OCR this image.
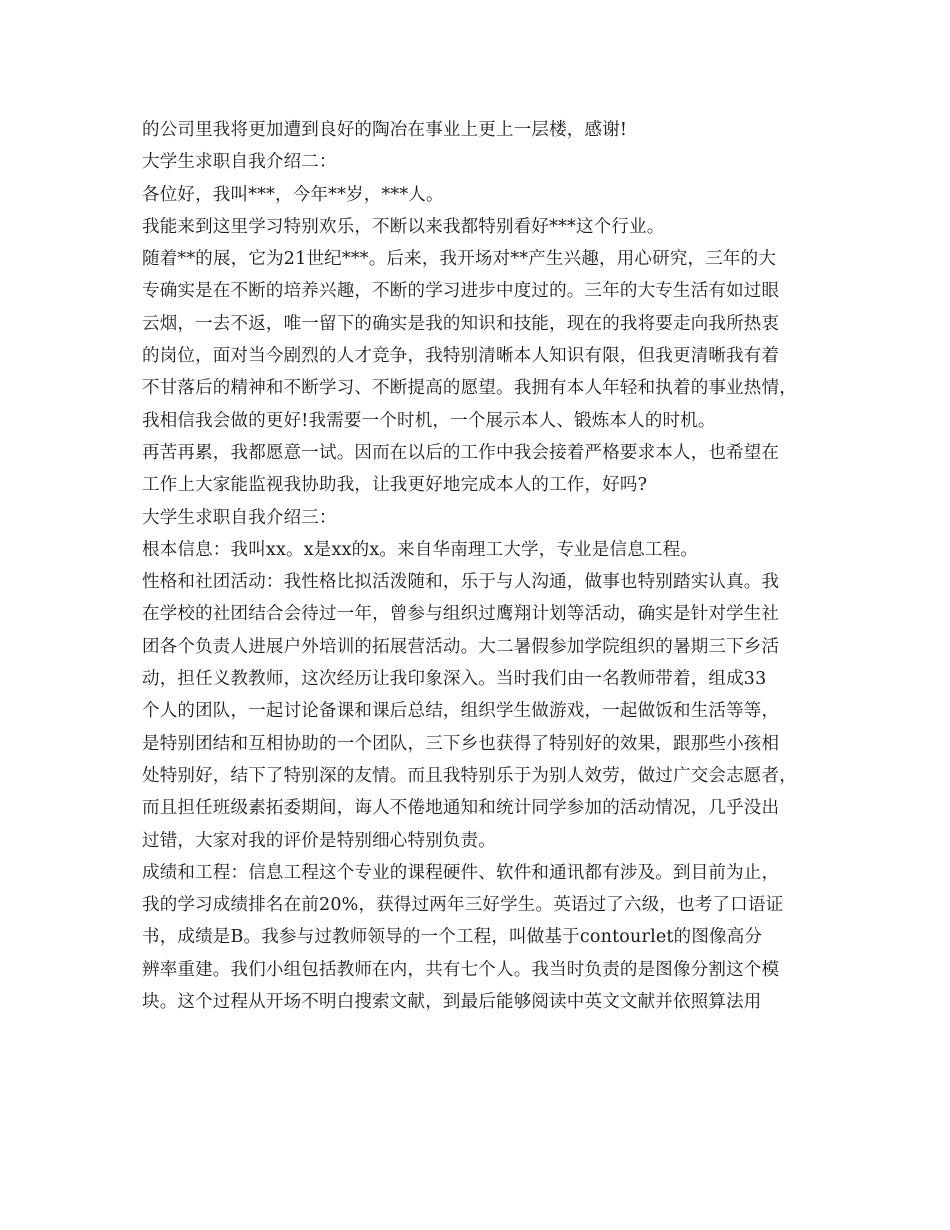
的公司里我将更加遭到良好的陶冶在事业上更上一层楼，感谢!
大学生求职自我介绍二：
各位好，我叫***，今年**岁，***人。
我能来到这里学习特别欢乐，不断以来我都特别看好***这个行业。
随着**的展，它为21世纪***。后来，我开场对**产生兴趣，用心研究，三年的大
专确实是在不断的培养兴趣，不断的学习进步中度过的。三年的大专生活有如过眼
云烟，一去不返，唯一留下的确实是我的知识和技能，现在的我将要走向我所热衷
的岗位，面对当今剧烈的人才竞争，我特别清晰本人知识有限，但我更清晰我有着
不甘落后的精神和不断学习、不断提高的愿望。我拥有本人年轻和执着的事业热情，
我相信我会做的更好!我需要一个时机，一个展示本人、锻炼本人的时机。
再苦再累，我都愿意一试。因而在以后的工作中我会接着严格要求本人，也希望在
工作上大家能监视我协助我，让我更好地完成本人的工作，好吗?
大学生求职自我介绍三：
根本信息：我叫xx。x是xx的x。来自华南理工大学，专业是信息工程。
性格和社团活动：我性格比拟活泼随和，乐于与人沟通，做事也特别踏实认真。我
在学校的社团结合会待过一年，曾参与组织过鹰翔计划等活动，确实是针对学生社
团各个负责人进展户外培训的拓展营活动。大二暑假参加学院组织的暑期三下乡活
动，担任义教教师，这次经历让我印象深入。当时我们由一名教师带着，组成33
个人的团队，一起讨论备课和课后总结，组织学生做游戏，一起做饭和生活等等，
是特别团结和互相协助的一个团队，三下乡也获得了特别好的效果，跟那些小孩相
处特别好，结下了特别深的友情。而且我特别乐于为别人效劳，做过广交会志愿者，
而且担任班级素拓委期间，诲人不倦地通知和统计同学参加的活动情况，几乎没出
过错，大家对我的评价是特别细心特别负责。
成绩和工程：信息工程这个专业的课程硬件、软件和通讯都有涉及。到目前为止，
我的学习成绩排名在前20%，获得过两年三好学生。英语过了六级，也考了口语证
书，成绩是B。我参与过教师领导的一个工程，叫做基于contourlet的图像高分
辨率重建。我们小组包括教师在内，共有七个人。我当时负责的是图像分割这个模
块。这个过程从开场不明白搜索文献，到最后能够阅读中英文文献并依照算法用
